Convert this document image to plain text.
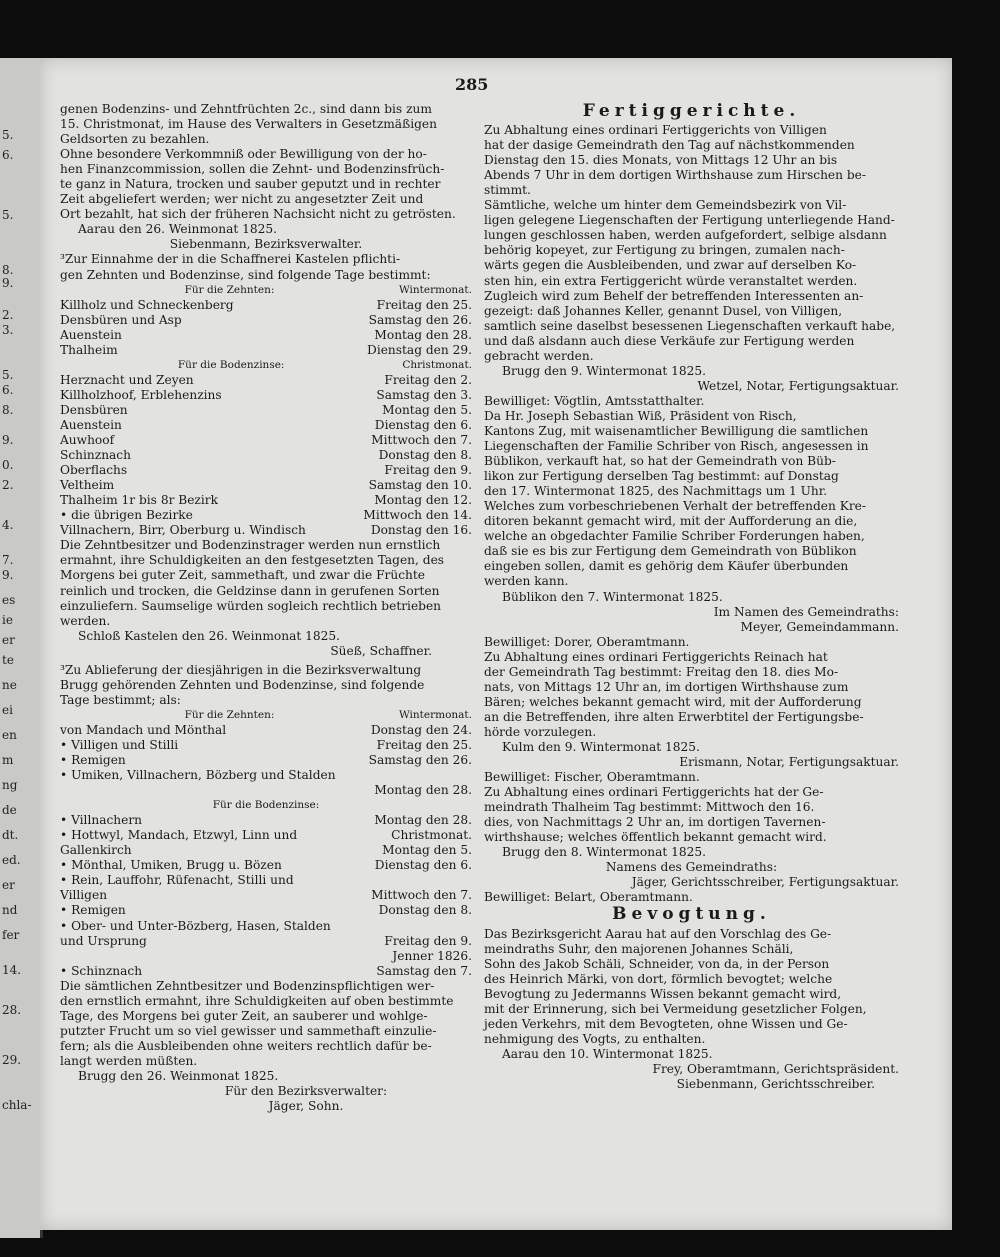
5.
6.
5.
8.
9.
2.
3.
5.
6.
8.
9.
0.
2.
4.
7.
9.
es
ie
er
te
ne
ei
en
m
ng
de
dt.
ed.
er
nd
fer
14.
28.
29.
chla-
285

genen Bodenzins- und Zehntfrüchten 2c., sind dann bis zum

15. Christmonat, im Hause des Verwalters in Gesetzmäßigen

Geldsorten zu bezahlen.

Ohne besondere Verkommniß oder Bewilligung von der ho-

hen Finanzcommission, sollen die Zehnt- und Bodenzinsfrüch-

te ganz in Natura, trocken und sauber geputzt und in rechter

Zeit abgeliefert werden; wer nicht zu angesetzter Zeit und

Ort bezahlt, hat sich der früheren Nachsicht nicht zu getrösten.

Aarau den 26. Weinmonat 1825.

Siebenmann, Bezirksverwalter.

³Zur Einnahme der in die Schaffnerei Kastelen pflichti-

gen Zehnten und Bodenzinse, sind folgende Tage bestimmt:

Für die Zehnten:	Wintermonat.
Killholz und Schneckenberg	Freitag den 25.
Densbüren und Asp	Samstag den 26.
Auenstein	Montag den 28.
Thalheim	Dienstag den 29.
Für die Bodenzinse:	Christmonat.
Herznacht und Zeyen	Freitag den 2.
Killholzhoof, Erblehenzins	Samstag den 3.
Densbüren	Montag den 5.
Auenstein	Dienstag den 6.
Auwhoof	Mittwoch den 7.
Schinznach	Donstag den 8.
Oberflachs	Freitag den 9.
Veltheim	Samstag den 10.
Thalheim 1r bis 8r Bezirk	Montag den 12.
• die übrigen Bezirke	Mittwoch den 14.
Villnachern, Birr, Oberburg u. Windisch	Donstag den 16.

Die Zehntbesitzer und Bodenzinstrager werden nun ernstlich

ermahnt, ihre Schuldigkeiten an den festgesetzten Tagen, des

Morgens bei guter Zeit, sammethaft, und zwar die Früchte

reinlich und trocken, die Geldzinse dann in gerufenen Sorten

einzuliefern. Saumselige würden sogleich rechtlich betrieben

werden.

Schloß Kastelen den 26. Weinmonat 1825.

Süeß, Schaffner.

³Zu Ablieferung der diesjährigen in die Bezirksverwaltung

Brugg gehörenden Zehnten und Bodenzinse, sind folgende

Tage bestimmt; als:

Für die Zehnten:	Wintermonat.
von Mandach und Mönthal	Donstag den 24.
• Villigen und Stilli	Freitag den 25.
• Remigen	Samstag den 26.
• Umiken, Villnachern, Bözberg und Stalden
Montag den 28.

Für die Bodenzinse:

• Villnachern	Montag den 28.
• Hottwyl, Mandach, Etzwyl, Linn und	Christmonat.
Gallenkirch	Montag den 5.
• Mönthal, Umiken, Brugg u. Bözen	Dienstag den 6.
• Rein, Lauffohr, Rüfenacht, Stilli und
Villigen	Mittwoch den 7.
• Remigen	Donstag den 8.
• Ober- und Unter-Bözberg, Hasen, Stalden
und Ursprung	Freitag den 9.
Jenner 1826.
• Schinznach	Samstag den 7.

Die sämtlichen Zehntbesitzer und Bodenzinspflichtigen wer-

den ernstlich ermahnt, ihre Schuldigkeiten auf oben bestimmte

Tage, des Morgens bei guter Zeit, an sauberer und wohlge-

putzter Frucht um so viel gewisser und sammethaft einzulie-

fern; als die Ausbleibenden ohne weiters rechtlich dafür be-

langt werden müßten.

Brugg den 26. Weinmonat 1825.

Für den Bezirksverwalter:

Jäger, Sohn.

Fertiggerichte.

Zu Abhaltung eines ordinari Fertiggerichts von Villigen

hat der dasige Gemeindrath den Tag auf nächstkommenden

Dienstag den 15. dies Monats, von Mittags 12 Uhr an bis

Abends 7 Uhr in dem dortigen Wirthshause zum Hirschen be-

stimmt.

Sämtliche, welche um hinter dem Gemeindsbezirk von Vil-

ligen gelegene Liegenschaften der Fertigung unterliegende Hand-

lungen geschlossen haben, werden aufgefordert, selbige alsdann

behörig kopeyet, zur Fertigung zu bringen, zumalen nach-

wärts gegen die Ausbleibenden, und zwar auf derselben Ko-

sten hin, ein extra Fertiggericht würde veranstaltet werden.

Zugleich wird zum Behelf der betreffenden Interessenten an-

gezeigt: daß Johannes Keller, genannt Dusel, von Villigen,

samtlich seine daselbst besessenen Liegenschaften verkauft habe,

und daß alsdann auch diese Verkäufe zur Fertigung werden

gebracht werden.

Brugg den 9. Wintermonat 1825.

Wetzel, Notar, Fertigungsaktuar.

Bewilliget: Vögtlin, Amtsstatthalter.

Da Hr. Joseph Sebastian Wiß, Präsident von Risch,

Kantons Zug, mit waisenamtlicher Bewilligung die samtlichen

Liegenschaften der Familie Schriber von Risch, angesessen in

Büblikon, verkauft hat, so hat der Gemeindrath von Büb-

likon zur Fertigung derselben Tag bestimmt: auf Donstag

den 17. Wintermonat 1825, des Nachmittags um 1 Uhr.

Welches zum vorbeschriebenen Verhalt der betreffenden Kre-

ditoren bekannt gemacht wird, mit der Aufforderung an die,

welche an obgedachter Familie Schriber Forderungen haben,

daß sie es bis zur Fertigung dem Gemeindrath von Büblikon

eingeben sollen, damit es gehörig dem Käufer überbunden

werden kann.

Büblikon den 7. Wintermonat 1825.

Im Namen des Gemeindraths:

Meyer, Gemeindammann.

Bewilliget: Dorer, Oberamtmann.

Zu Abhaltung eines ordinari Fertiggerichts Reinach hat

der Gemeindrath Tag bestimmt: Freitag den 18. dies Mo-

nats, von Mittags 12 Uhr an, im dortigen Wirthshause zum

Bären; welches bekannt gemacht wird, mit der Aufforderung

an die Betreffenden, ihre alten Erwerbtitel der Fertigungsbe-

hörde vorzulegen.

Kulm den 9. Wintermonat 1825.

Erismann, Notar, Fertigungsaktuar.

Bewilliget: Fischer, Oberamtmann.

Zu Abhaltung eines ordinari Fertiggerichts hat der Ge-

meindrath Thalheim Tag bestimmt: Mittwoch den 16.

dies, von Nachmittags 2 Uhr an, im dortigen Tavernen-

wirthshause; welches öffentlich bekannt gemacht wird.

Brugg den 8. Wintermonat 1825.

Namens des Gemeindraths:

Jäger, Gerichtsschreiber, Fertigungsaktuar.

Bewilliget: Belart, Oberamtmann.

Bevogtung.

Das Bezirksgericht Aarau hat auf den Vorschlag des Ge-

meindraths Suhr, den majorenen Johannes Schäli,

Sohn des Jakob Schäli, Schneider, von da, in der Person

des Heinrich Märki, von dort, förmlich bevogtet; welche

Bevogtung zu Jedermanns Wissen bekannt gemacht wird,

mit der Erinnerung, sich bei Vermeidung gesetzlicher Folgen,

jeden Verkehrs, mit dem Bevogteten, ohne Wissen und Ge-

nehmigung des Vogts, zu enthalten.

Aarau den 10. Wintermonat 1825.

Frey, Oberamtmann, Gerichtspräsident.

Siebenmann, Gerichtsschreiber.
